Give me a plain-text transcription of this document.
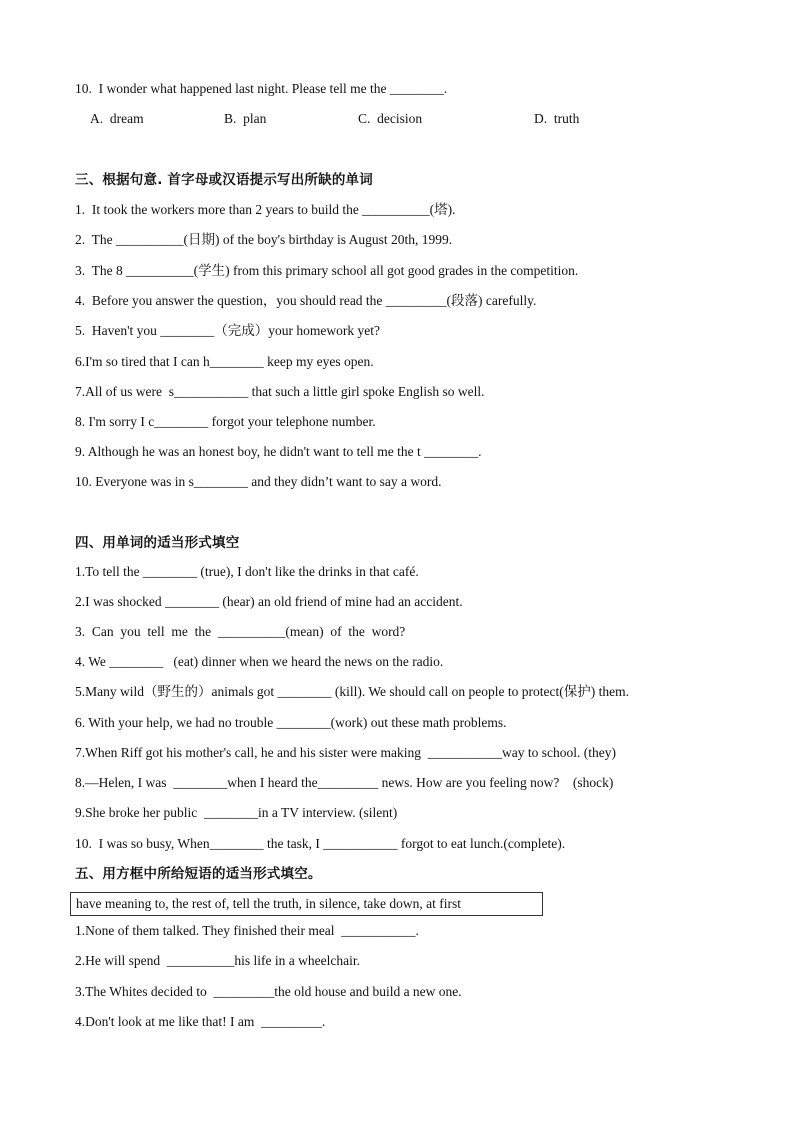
10.  I wonder what happened last night. Please tell me the ________.
A.  dream	B.  plan	C.  decision	D.  truth
三、根据句意. 首字母或汉语提示写出所缺的单词
1.  It took the workers more than 2 years to build the __________(塔).
2.  The __________(日期) of the boy's birthday is August 20th, 1999.
3.  The 8 __________(学生) from this primary school all got good grades in the competition.
4.  Before you answer the question，you should read the _________(段落) carefully.
5.  Haven't you ________（完成）your homework yet?
6.I'm so tired that I can h________ keep my eyes open.
7.All of us were  s___________ that such a little girl spoke English so well.
8. I'm sorry I c________ forgot your telephone number.
9. Although he was an honest boy, he didn't want to tell me the t ________.
10. Everyone was in s________ and they didn’t want to say a word.
四、用单词的适当形式填空
1.To tell the ________ (true), I don't like the drinks in that café.
2.I was shocked ________ (hear) an old friend of mine had an accident.
3.  Can  you  tell  me  the  __________(mean)  of  the  word?
4. We ________   (eat) dinner when we heard the news on the radio.
5.Many wild（野生的）animals got ________ (kill). We should call on people to protect(保护) them.
6. With your help, we had no trouble ________(work) out these math problems.
7.When Riff got his mother's call, he and his sister were making  ___________way to school. (they)
8.—Helen, I was  ________when I heard the_________ news. How are you feeling now?    (shock)
9.She broke her public  ________in a TV interview. (silent)
10.  I was so busy, When________ the task, I ___________ forgot to eat lunch.(complete).
五、用方框中所给短语的适当形式填空。
have meaning to, the rest of, tell the truth, in silence, take down, at first
1.None of them talked. They finished their meal  ___________.
2.He will spend  __________his life in a wheelchair.
3.The Whites decided to  _________the old house and build a new one.
4.Don't look at me like that! I am  _________.
